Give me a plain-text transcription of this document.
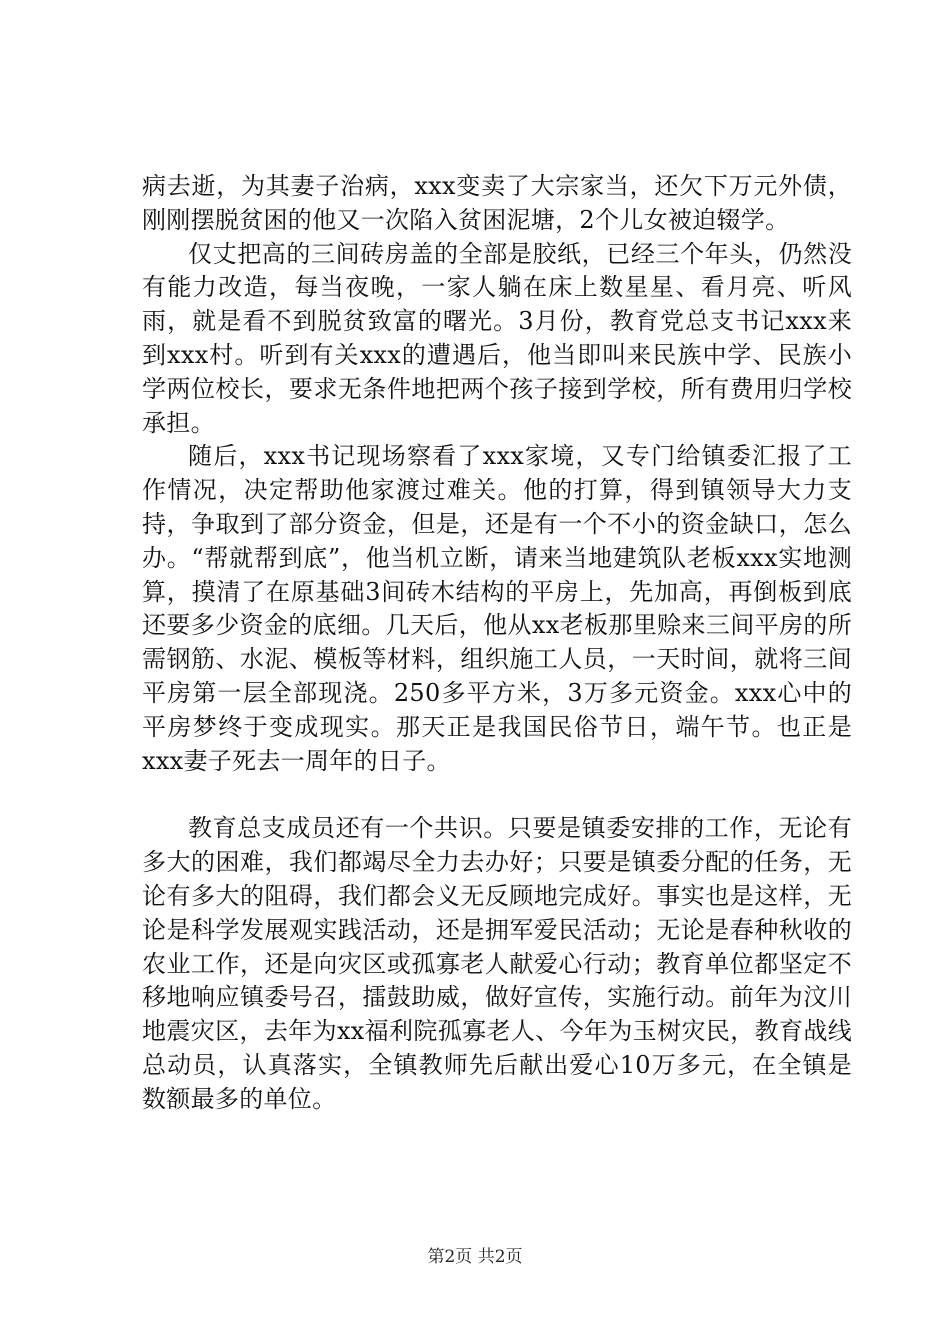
病去逝，为其妻子治病，xxx变卖了大宗家当，还欠下万元外债，刚刚摆脱贫困的他又一次陷入贫困泥塘，2个儿女被迫辍学。

仅丈把高的三间砖房盖的全部是胶纸，已经三个年头，仍然没有能力改造，每当夜晚，一家人躺在床上数星星、看月亮、听风雨，就是看不到脱贫致富的曙光。3月份，教育党总支书记xxx来到xxx村。听到有关xxx的遭遇后，他当即叫来民族中学、民族小学两位校长，要求无条件地把两个孩子接到学校，所有费用归学校承担。

随后，xxx书记现场察看了xxx家境，又专门给镇委汇报了工作情况，决定帮助他家渡过难关。他的打算，得到镇领导大力支持，争取到了部分资金，但是，还是有一个不小的资金缺口，怎么办。“帮就帮到底”，他当机立断，请来当地建筑队老板xxx实地测算，摸清了在原基础3间砖木结构的平房上，先加高，再倒板到底还要多少资金的底细。几天后，他从xx老板那里赊来三间平房的所需钢筋、水泥、模板等材料，组织施工人员，一天时间，就将三间平房第一层全部现浇。250多平方米，3万多元资金。xxx心中的平房梦终于变成现实。那天正是我国民俗节日，端午节。也正是xxx妻子死去一周年的日子。

教育总支成员还有一个共识。只要是镇委安排的工作，无论有多大的困难，我们都竭尽全力去办好；只要是镇委分配的任务，无论有多大的阻碍，我们都会义无反顾地完成好。事实也是这样，无论是科学发展观实践活动，还是拥军爱民活动；无论是春种秋收的农业工作，还是向灾区或孤寡老人献爱心行动；教育单位都坚定不移地响应镇委号召，擂鼓助威，做好宣传，实施行动。前年为汶川地震灾区，去年为xx福利院孤寡老人、今年为玉树灾民，教育战线总动员，认真落实，全镇教师先后献出爱心10万多元，在全镇是数额最多的单位。

第2页 共2页
